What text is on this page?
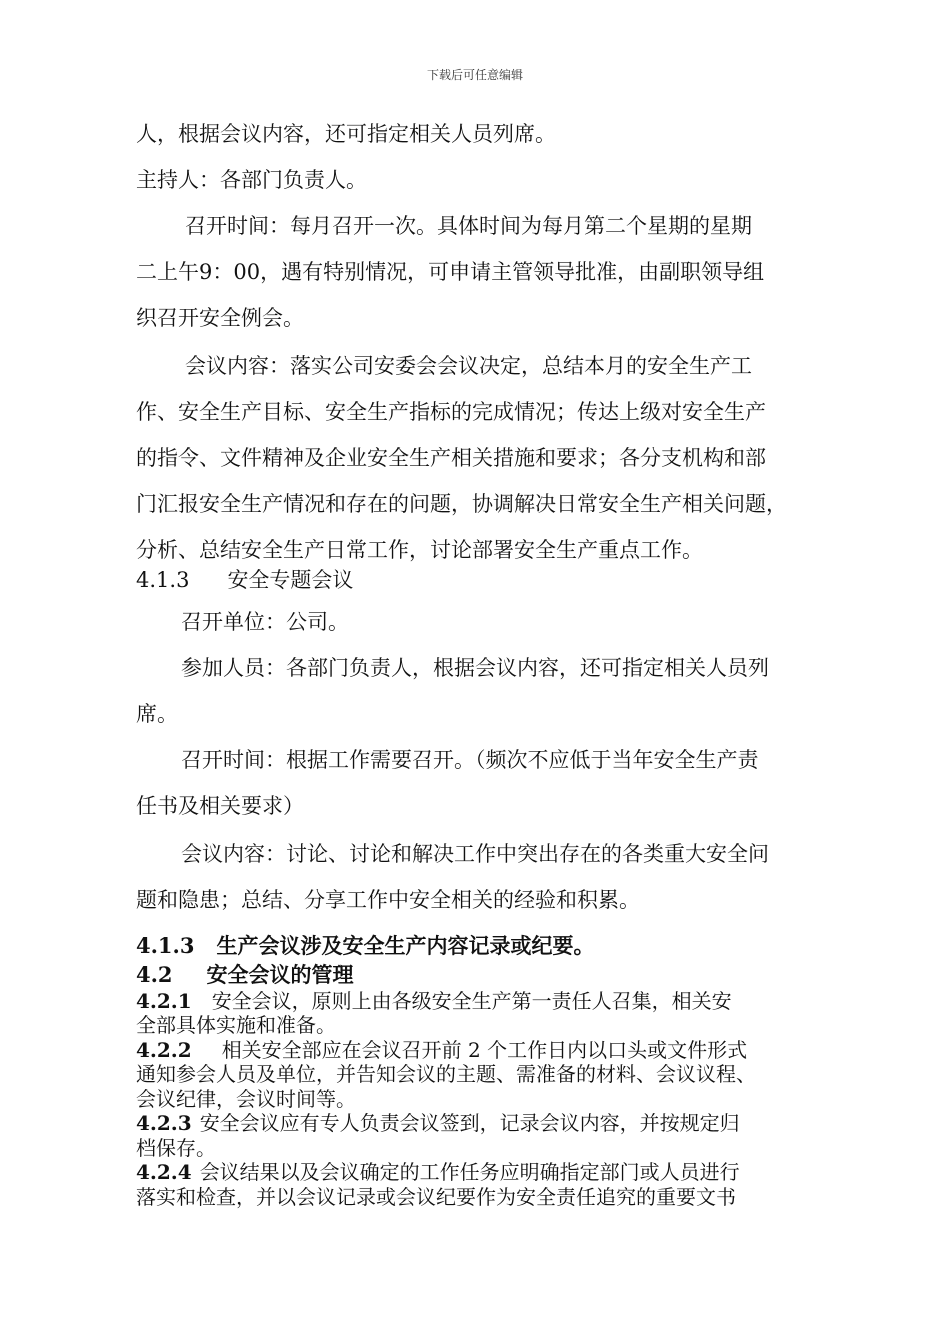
下载后可任意编辑
人，根据会议内容，还可指定相关人员列席。
主持人：各部门负责人。
召开时间：每月召开一次。具体时间为每月第二个星期的星期
二上午9：00，遇有特别情况，可申请主管领导批准，由副职领导组
织召开安全例会。
会议内容：落实公司安委会会议决定，总结本月的安全生产工
作、安全生产目标、安全生产指标的完成情况；传达上级对安全生产
的指令、文件精神及企业安全生产相关措施和要求；各分支机构和部
门汇报安全生产情况和存在的问题，协调解决日常安全生产相关问题，
分析、总结安全生产日常工作，讨论部署安全生产重点工作。
4.1.3 安全专题会议
召开单位：公司。
参加人员：各部门负责人，根据会议内容，还可指定相关人员列
席。
召开时间：根据工作需要召开。（频次不应低于当年安全生产责
任书及相关要求）
会议内容：讨论、讨论和解决工作中突出存在的各类重大安全问
题和隐患；总结、分享工作中安全相关的经验和积累。
4.1.3 生产会议涉及安全生产内容记录或纪要。
4.2 安全会议的管理
4.2.1 安全会议，原则上由各级安全生产第一责任人召集，相关安
全部具体实施和准备。
4.2.2 相关安全部应在会议召开前 2 个工作日内以口头或文件形式
通知参会人员及单位，并告知会议的主题、需准备的材料、会议议程、
会议纪律，会议时间等。
4.2.3 安全会议应有专人负责会议签到，记录会议内容，并按规定归
档保存。
4.2.4 会议结果以及会议确定的工作任务应明确指定部门或人员进行
落实和检查，并以会议记录或会议纪要作为安全责任追究的重要文书
